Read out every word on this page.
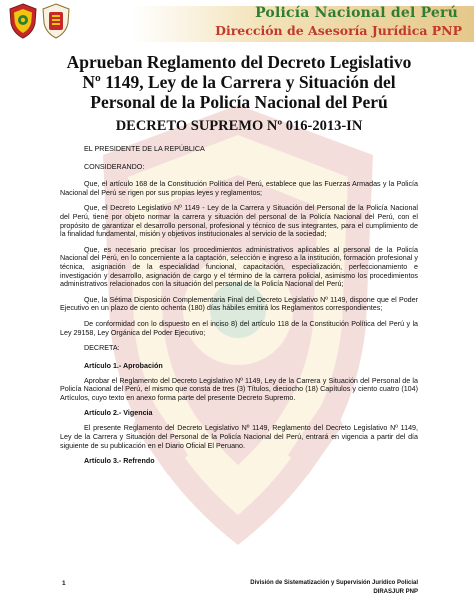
Policía Nacional del Perú
Dirección de Asesoría Jurídica PNP
Aprueban Reglamento del Decreto Legislativo Nº 1149, Ley de la Carrera y Situación del Personal de la Policía Nacional del Perú
DECRETO SUPREMO Nº 016-2013-IN

EL PRESIDENTE DE LA REPÚBLICA

CONSIDERANDO:

Que, el artículo 168 de la Constitución Política del Perú, establece que las Fuerzas Armadas y la Policía Nacional del Perú se rigen por sus propias leyes y reglamentos;

Que, el Decreto Legislativo Nº 1149 - Ley de la Carrera y Situación del Personal de la Policía Nacional del Perú, tiene por objeto normar la carrera y situación del personal de la Policía Nacional del Perú, con el propósito de garantizar el desarrollo personal, profesional y técnico de sus integrantes, para el cumplimiento de la finalidad fundamental, misión y objetivos institucionales al servicio de la sociedad;

Que, es necesario precisar los procedimientos administrativos aplicables al personal de la Policía Nacional del Perú, en lo concerniente a la captación, selección e ingreso a la institución, formación profesional y técnica, asignación de la especialidad funcional, capacitación, especialización, perfeccionamiento e investigación y desarrollo, asignación de cargo y el término de la carrera policial, asimismo los procedimientos administrativos relacionados con la situación del personal de la Policía Nacional del Perú;

Que, la Sétima Disposición Complementaria Final del Decreto Legislativo Nº 1149, dispone que el Poder Ejecutivo en un plazo de ciento ochenta (180) días hábiles emitirá los Reglamentos correspondientes;

De conformidad con lo dispuesto en el inciso 8) del artículo 118 de la Constitución Política del Perú y la Ley 29158, Ley Orgánica del Poder Ejecutivo;

DECRETA:

Artículo 1.- Aprobación

Aprobar el Reglamento del Decreto Legislativo Nº 1149, Ley de la Carrera y Situación del Personal de la Policía Nacional del Perú, el mismo que consta de tres (3) Títulos, dieciocho (18) Capítulos y ciento cuatro (104) Artículos, cuyo texto en anexo forma parte del presente Decreto Supremo.

Artículo 2.- Vigencia

El presente Reglamento del Decreto Legislativo Nº 1149, Reglamento del Decreto Legislativo Nº 1149, Ley de la Carrera y Situación del Personal de la Policía Nacional del Perú, entrará en vigencia a partir del día siguiente de su publicación en el Diario Oficial El Peruano.

Artículo 3.- Refrendo
1	División de Sistematización y Supervisión Jurídico Policial
DIRASJUR PNP
